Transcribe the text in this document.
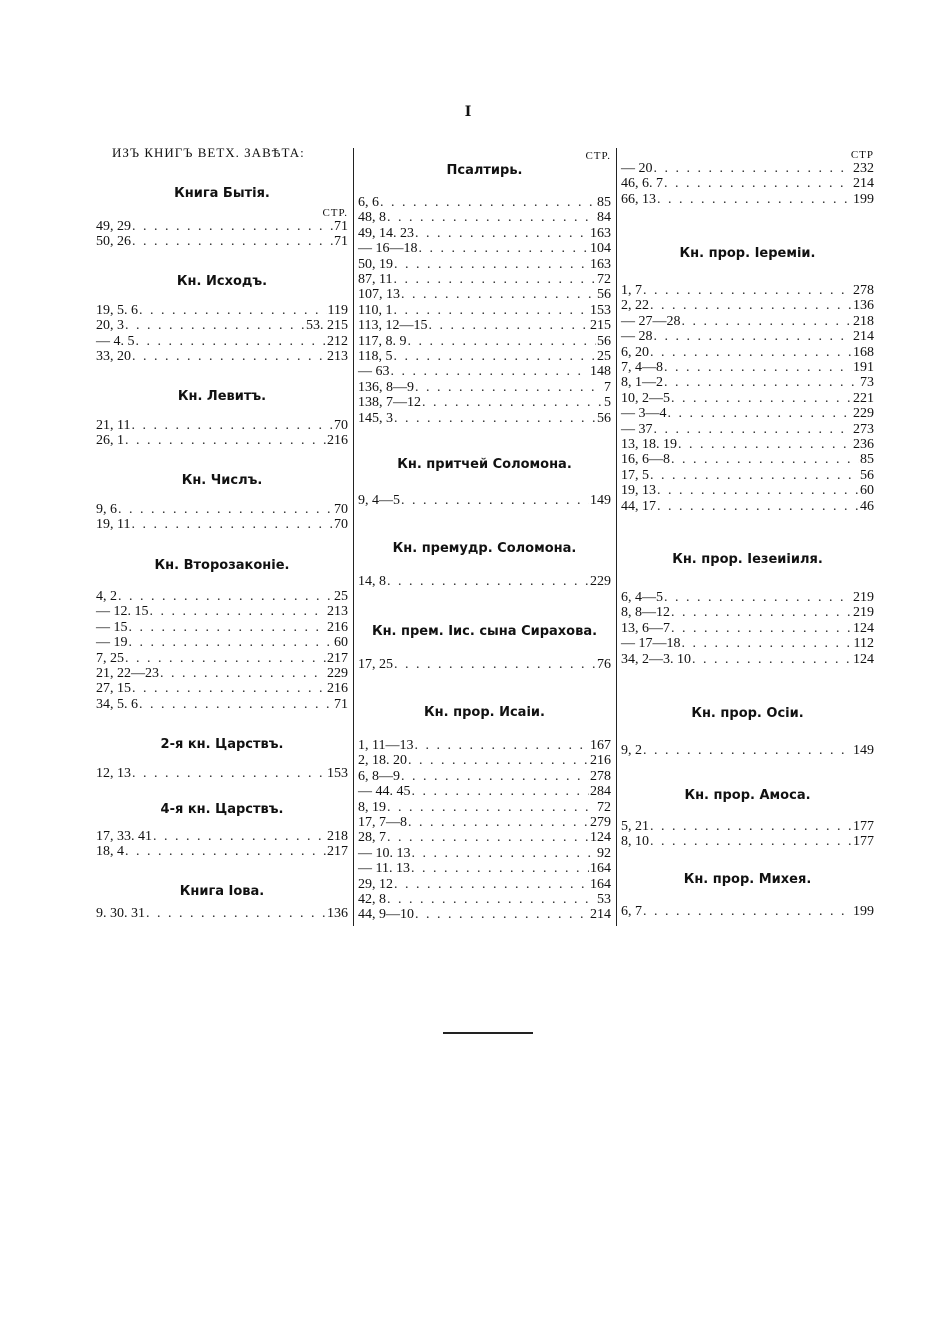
I
ИЗЪ КНИГЪ ВЕТХ. ЗАВѢТА:
Книга Бытія.
СТР.
49, 29 . . .	71
50, 26 . . .	71
Кн. Исходъ.
19, 5. 6 . . .	119
20, 3 . . .	53. 215
— 4. 5 . . .	212
33, 20 . . .	213
Кн. Левитъ.
21, 11 . . .	70
26, 1 . . .	216
Кн. Числъ.
9, 6 . . .	70
19, 11 . . .	70
Кн. Второзаконіе.
4, 2 . . .	25
— 12. 15 . . .	213
— 15 . . .	216
— 19 . . .	60
7, 25 . . .	217
21, 22—23 . . .	229
27, 15 . . .	216
34, 5. 6 . . .	71
2-я кн. Царствъ.
12, 13 . . .	153
4-я кн. Царствъ.
17, 33. 41 . . .	218
18, 4 . . .	217
Книга Іова.
9. 30. 31 . . .	136
Псалтирь.
СТР.
6, 6 . . .	85
48, 8 . . .	84
49, 14. 23 . . .	163
— 16—18 . . .	104
50, 19 . . .	163
87, 11 . . .	72
107, 13 . . .	56
110, 1 . . .	153
113, 12—15 . . .	215
117, 8. 9 . . .	56
118, 5 . . .	25
— 63 . . .	148
136, 8—9 . . .	7
138, 7—12 . . .	5
145, 3 . . .	56
Кн. притчей Соломона.
9, 4—5 . . .	149
Кн. премудр. Соломона.
14, 8 . . .	229
Кн. прем. Іис. сына Сирахова.
17, 25 . . .	76
Кн. прор. Исаіи.
1, 11—13 . . .	167
2, 18. 20 . . .	216
6, 8—9 . . .	278
— 44. 45 . . .	284
8, 19 . . .	72
17, 7—8 . . .	279
28, 7 . . .	124
— 10. 13 . . .	92
— 11. 13 . . .	164
29, 12 . . .	164
42, 8 . . .	53
44, 9—10 . . .	214
СТР
— 20 . . .	232
46, 6. 7 . . .	214
66, 13 . . .	199
Кн. прор. Іереміи.
1, 7 . . .	278
2, 22 . . .	136
— 27—28 . . .	218
— 28 . . .	214
6, 20 . . .	168
7, 4—8 . . .	191
8, 1—2 . . .	73
10, 2—5 . . .	221
— 3—4 . . .	229
— 37 . . .	273
13, 18. 19 . . .	236
16, 6—8 . . .	85
17, 5 . . .	56
19, 13 . . .	60
44, 17 . . .	46
Кн. прор. Іезеиіиля.
6, 4—5 . . .	219
8, 8—12 . . .	219
13, 6—7 . . .	124
— 17—18 . . .	112
34, 2—3. 10 . . .	124
Кн. прор. Осіи.
9, 2 . . .	149
Кн. прор. Амоса.
5, 21 . . .	177
8, 10 . . .	177
Кн. прор. Михея.
6, 7 . . .	199
